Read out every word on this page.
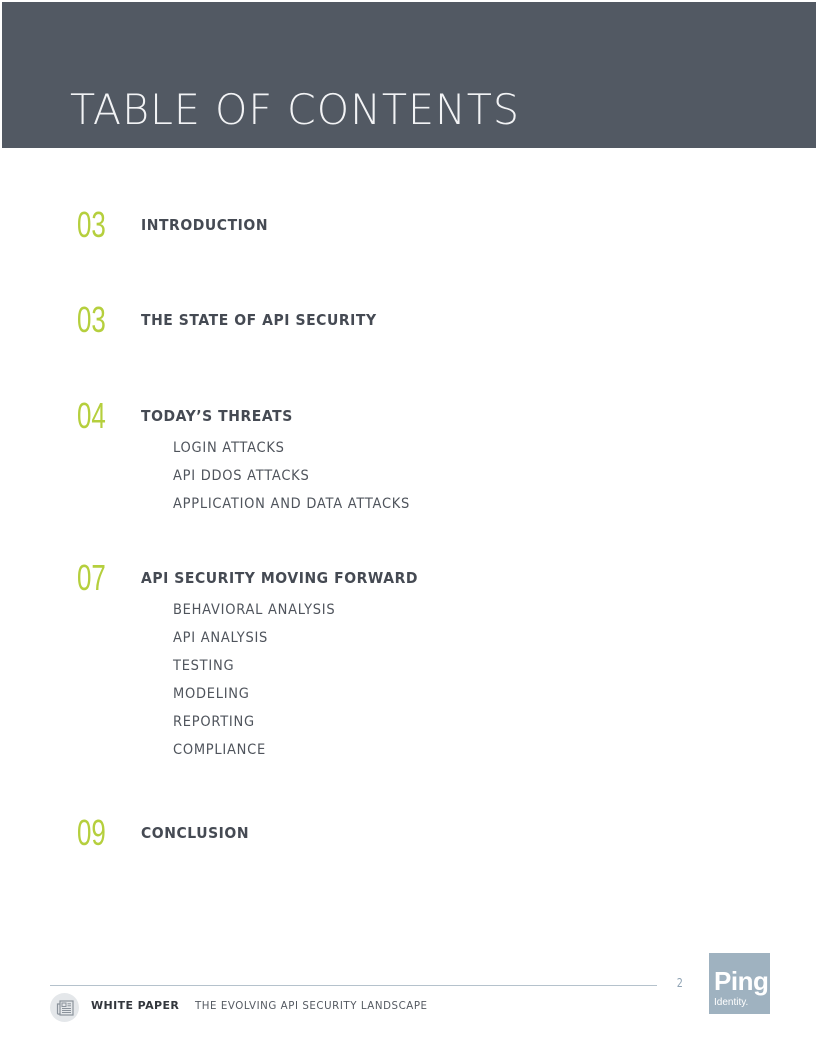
TABLE OF CONTENTS
03 INTRODUCTION
03 THE STATE OF API SECURITY
04 TODAY’S THREATS
LOGIN ATTACKS
API DDOS ATTACKS
APPLICATION AND DATA ATTACKS
07 API SECURITY MOVING FORWARD
BEHAVIORAL ANALYSIS
API ANALYSIS
TESTING
MODELING
REPORTING
COMPLIANCE
09 CONCLUSION
2
WHITE PAPER THE EVOLVING API SECURITY LANDSCAPE
Ping
Identity.
